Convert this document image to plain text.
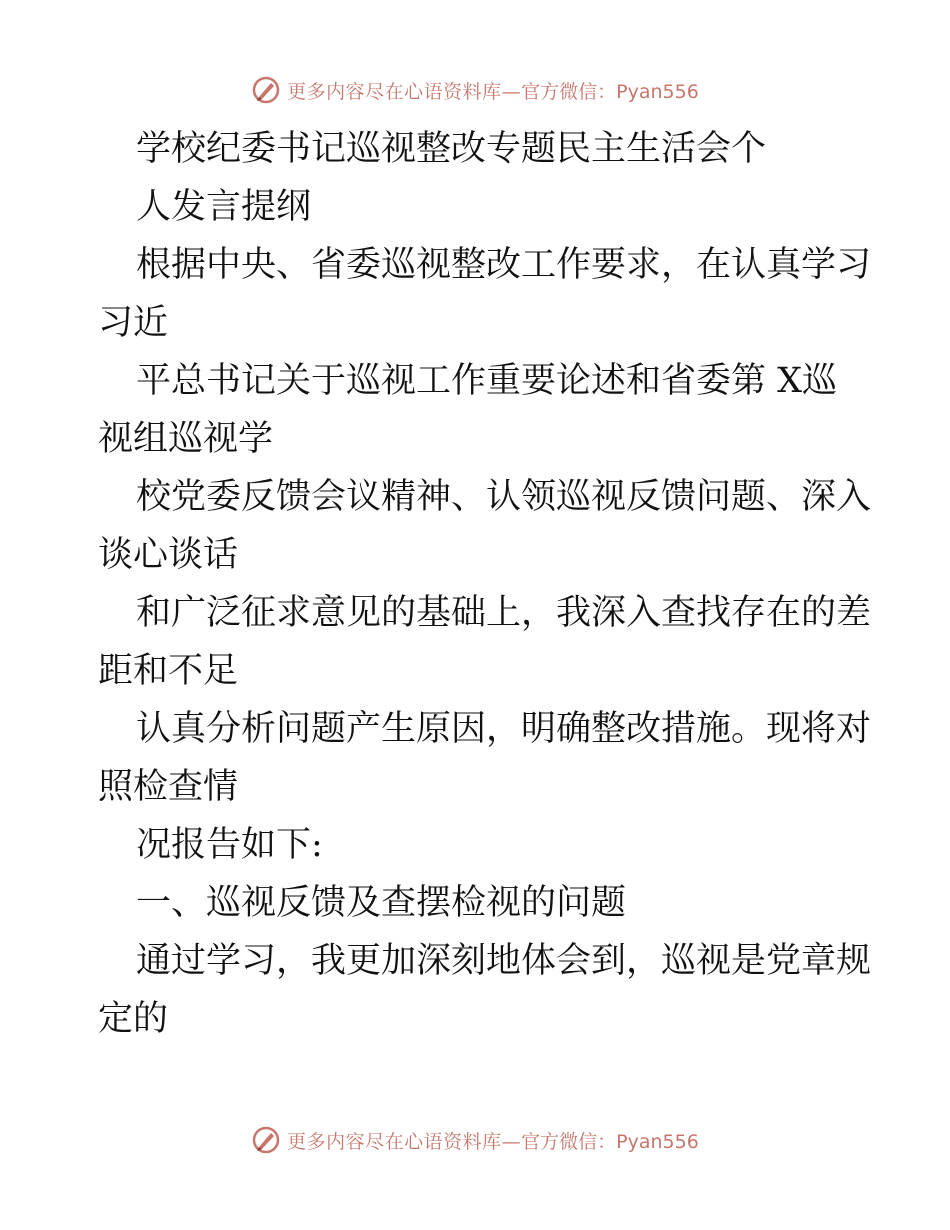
更多内容尽在心语资料库— 官方微信：Pyan556
学校纪委书记巡视整改专题民主生活会个
人发言提纲
根据中央、省委巡视整改工作要求，在认真学习
习近
平总书记关于巡视工作重要论述和省委第 X巡
视组巡视学
校党委反馈会议精神、认领巡视反馈问题、深入
谈心谈话
和广泛征求意见的基础上，我深入查找存在的差
距和不足
认真分析问题产生原因，明确整改措施。现将对
照检查情
况报告如下:
一、巡视反馈及查摆检视的问题
通过学习，我更加深刻地体会到，巡视是党章规
定的
更多内容尽在心语资料库— 官方微信：Pyan556
